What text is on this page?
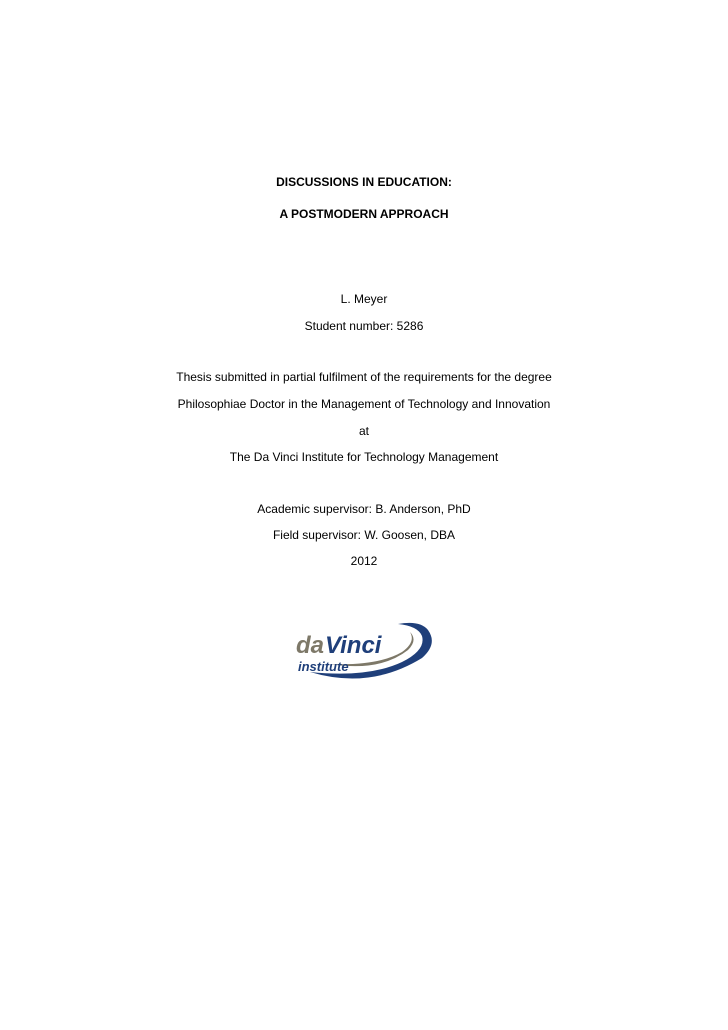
DISCUSSIONS IN EDUCATION:
A POSTMODERN APPROACH
L. Meyer
Student number: 5286
Thesis submitted in partial fulfilment of the requirements for the degree
Philosophiae Doctor in the Management of Technology and Innovation
at
The Da Vinci Institute for Technology Management
Academic supervisor: B. Anderson, PhD
Field supervisor: W. Goosen, DBA
2012
da Vinci
institute
